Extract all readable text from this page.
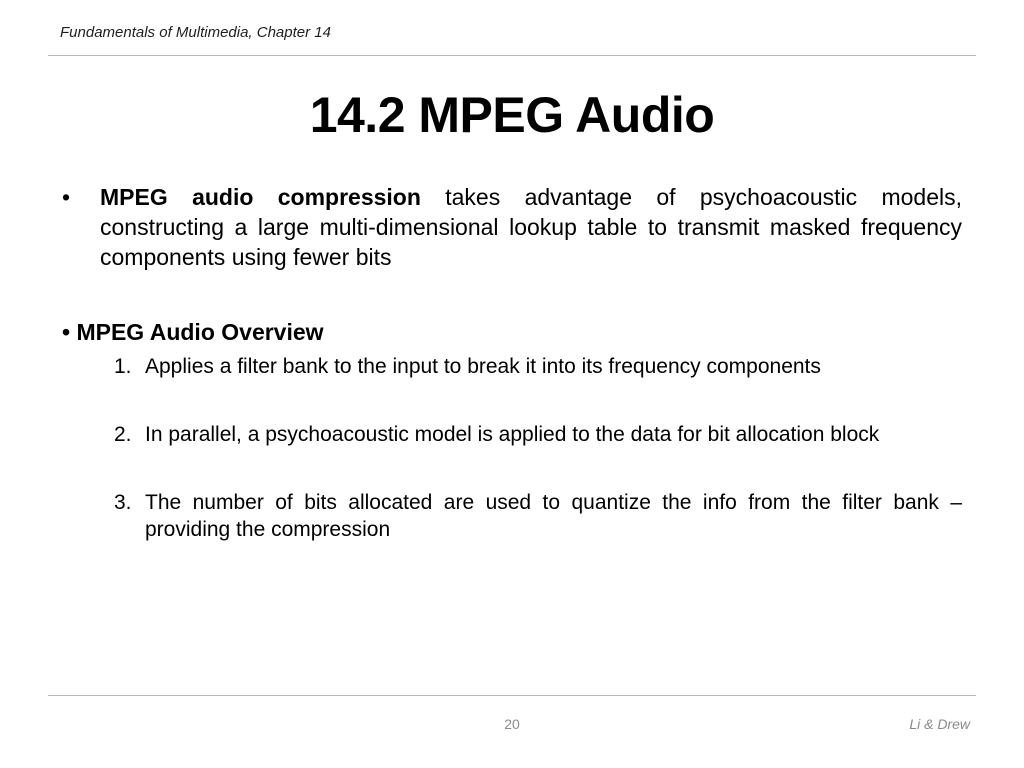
Fundamentals of Multimedia, Chapter 14
14.2 MPEG Audio
•	MPEG audio compression takes advantage of psychoacoustic models, constructing a large multi-dimensional lookup table to transmit masked frequency components using fewer bits
• MPEG Audio Overview
1. Applies a filter bank to the input to break it into its frequency components
2. In parallel, a psychoacoustic model is applied to the data for bit allocation block
3. The number of bits allocated are used to quantize the info from the filter bank – providing the compression
20	Li & Drew
